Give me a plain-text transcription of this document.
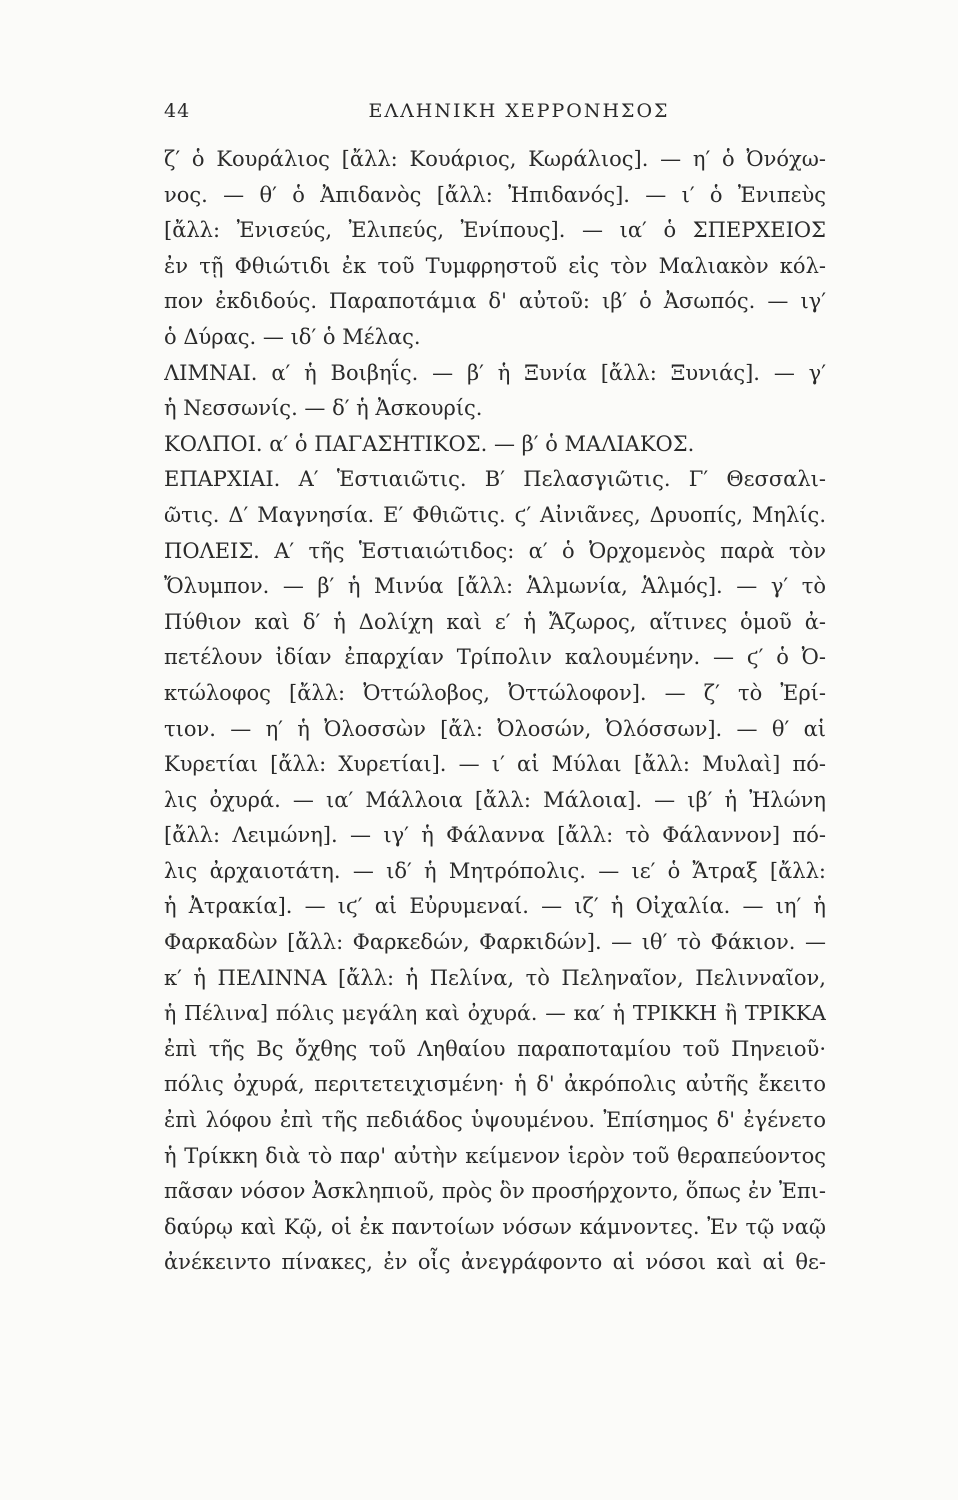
44	ΕΛΛΗΝΙΚΗ ΧΕΡΡΟΝΗΣΟΣ
ζ′ ὁ Κουράλιος [ἄλλ: Κουάριος, Κωράλιος]. — η′ ὁ Ὀνόχω-
νος. — θ′ ὁ Ἀπιδανὸς [ἄλλ: Ἠπιδανός]. — ι′ ὁ Ἐνιπεὺς
[ἄλλ: Ἐνισεύς, Ἐλιπεύς, Ἐνίπους]. — ια′ ὁ ΣΠΕΡΧΕΙΟΣ
ἐν τῇ Φθιώτιδι ἐκ τοῦ Τυμφρηστοῦ εἰς τὸν Μαλιακὸν κόλ-
πον ἐκδιδούς. Παραποτάμια δ' αὐτοῦ: ιβ′ ὁ Ἀσωπός. — ιγ′
ὁ Δύρας. — ιδ′ ὁ Μέλας.
ΛΙΜΝΑΙ. α′ ἡ Βοιβηΐς. — β′ ἡ Ξυνία [ἄλλ: Ξυνιάς]. — γ′
ἡ Νεσσωνίς. — δ′ ἡ Ἀσκουρίς.
ΚΟΛΠΟΙ. α′ ὁ ΠΑΓΑΣΗΤΙΚΟΣ. — β′ ὁ ΜΑΛΙΑΚΟΣ.
ΕΠΑΡΧΙΑΙ. Α′ Ἑστιαιῶτις. Β′ Πελασγιῶτις. Γ′ Θεσσαλι-
ῶτις. Δ′ Μαγνησία. Ε′ Φθιῶτις. ϛ′ Αἰνιᾶνες, Δρυοπίς, Μηλίς.
ΠΟΛΕΙΣ. Α′ τῆς Ἑστιαιώτιδος: α′ ὁ Ὀρχομενὸς παρὰ τὸν
Ὄλυμπον. — β′ ἡ Μινύα [ἄλλ: Ἁλμωνία, Ἁλμός]. — γ′ τὸ
Πύθιον καὶ δ′ ἡ Δολίχη καὶ ε′ ἡ Ἄζωρος, αἵτινες ὁμοῦ ἀ-
πετέλουν ἰδίαν ἐπαρχίαν Τρίπολιν καλουμένην. — ϛ′ ὁ Ὀ-
κτώλοφος [ἄλλ: Ὀττώλοβος, Ὀττώλοφον]. — ζ′ τὸ Ἐρί-
τιον. — η′ ἡ Ὀλοσσὼν [ἄλ: Ὀλοσών, Ὀλόσσων]. — θ′ αἱ
Κυρετίαι [ἄλλ: Χυρετίαι]. — ι′ αἱ Μύλαι [ἄλλ: Μυλαὶ] πό-
λις ὀχυρά. — ια′ Μάλλοια [ἄλλ: Μάλοια]. — ιβ′ ἡ Ἠλώνη
[ἄλλ: Λειμώνη]. — ιγ′ ἡ Φάλαννα [ἄλλ: τὸ Φάλαννον] πό-
λις ἀρχαιοτάτη. — ιδ′ ἡ Μητρόπολις. — ιε′ ὁ Ἄτραξ [ἄλλ:
ἡ Ἀτρακία]. — ιϛ′ αἱ Εὐρυμεναί. — ιζ′ ἡ Οἰχαλία. — ιη′ ἡ
Φαρκαδὼν [ἄλλ: Φαρκεδών, Φαρκιδών]. — ιθ′ τὸ Φάκιον. —
κ′ ἡ ΠΕΛΙΝΝΑ [ἄλλ: ἡ Πελίνα, τὸ Πεληναῖον, Πελινναῖον,
ἡ Πέλινα] πόλις μεγάλη καὶ ὀχυρά. — κα′ ἡ ΤΡΙΚΚΗ ἢ ΤΡΙΚΚΑ
ἐπὶ τῆς Βς ὄχθης τοῦ Ληθαίου παραποταμίου τοῦ Πηνειοῦ·
πόλις ὀχυρά, περιτετειχισμένη· ἡ δ' ἀκρόπολις αὐτῆς ἔκειτο
ἐπὶ λόφου ἐπὶ τῆς πεδιάδος ὑψουμένου. Ἐπίσημος δ' ἐγένετο
ἡ Τρίκκη διὰ τὸ παρ' αὐτὴν κείμενον ἱερὸν τοῦ θεραπεύοντος
πᾶσαν νόσον Ἀσκληπιοῦ, πρὸς ὃν προσήρχοντο, ὅπως ἐν Ἐπι-
δαύρῳ καὶ Κῷ, οἱ ἐκ παντοίων νόσων κάμνοντες. Ἐν τῷ ναῷ
ἀνέκειντο πίνακες, ἐν οἷς ἀνεγράφοντο αἱ νόσοι καὶ αἱ θε-
